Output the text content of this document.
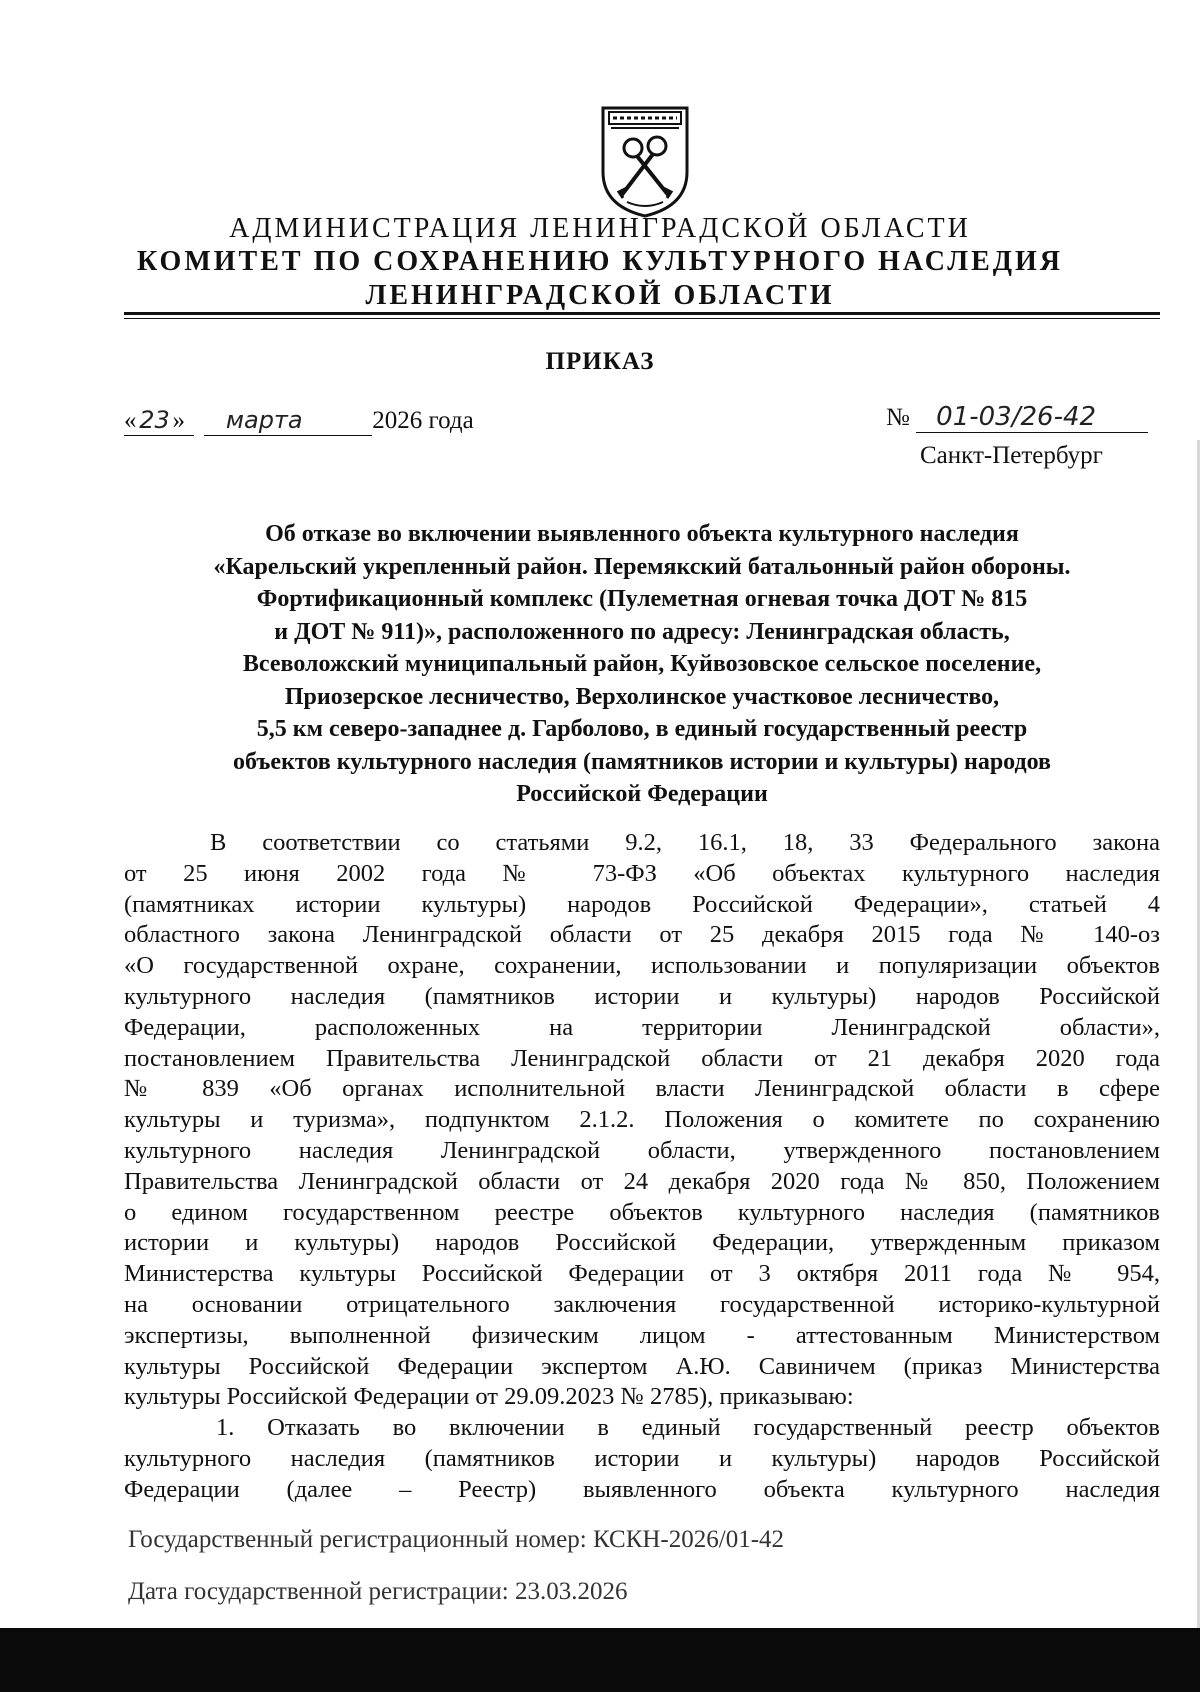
АДМИНИСТРАЦИЯ ЛЕНИНГРАДСКОЙ ОБЛАСТИ
КОМИТЕТ ПО СОХРАНЕНИЮ КУЛЬТУРНОГО НАСЛЕДИЯ
ЛЕНИНГРАДСКОЙ ОБЛАСТИ
ПРИКАЗ
« 23 » марта	2026 года	№ 01-03/26-42
Санкт-Петербург
Об отказе во включении выявленного объекта культурного наследия
«Карельский укрепленный район. Перемякский батальонный район обороны.
Фортификационный комплекс (Пулеметная огневая точка ДОТ № 815
и ДОТ № 911)», расположенного по адресу: Ленинградская область,
Всеволожский муниципальный район, Куйвозовское сельское поселение,
Приозерское лесничество, Верхолинское участковое лесничество,
5,5 км северо-западнее д. Гарболово, в единый государственный реестр
объектов культурного наследия (памятников истории и культуры) народов
Российской Федерации
В соответствии со статьями 9.2, 16.1, 18, 33 Федерального закона
от 25 июня 2002 года № 73-ФЗ «Об объектах культурного наследия
(памятниках истории культуры) народов Российской Федерации», статьей 4
областного закона Ленинградской области от 25 декабря 2015 года № 140-оз
«О государственной охране, сохранении, использовании и популяризации объектов
культурного наследия (памятников истории и культуры) народов Российской
Федерации, расположенных на территории Ленинградской области»,
постановлением Правительства Ленинградской области от 21 декабря 2020 года
№ 839 «Об органах исполнительной власти Ленинградской области в сфере
культуры и туризма», подпунктом 2.1.2. Положения о комитете по сохранению
культурного наследия Ленинградской области, утвержденного постановлением
Правительства Ленинградской области от 24 декабря 2020 года № 850, Положением
о едином государственном реестре объектов культурного наследия (памятников
истории и культуры) народов Российской Федерации, утвержденным приказом
Министерства культуры Российской Федерации от 3 октября 2011 года № 954,
на основании отрицательного заключения государственной историко-культурной
экспертизы, выполненной физическим лицом - аттестованным Министерством
культуры Российской Федерации экспертом А.Ю. Савиничем (приказ Министерства
культуры Российской Федерации от 29.09.2023 № 2785), приказываю:
1. Отказать во включении в единый государственный реестр объектов
культурного наследия (памятников истории и культуры) народов Российской
Федерации (далее – Реестр) выявленного объекта культурного наследия
Государственный регистрационный номер: КСКН-2026/01-42
Дата государственной регистрации: 23.03.2026
